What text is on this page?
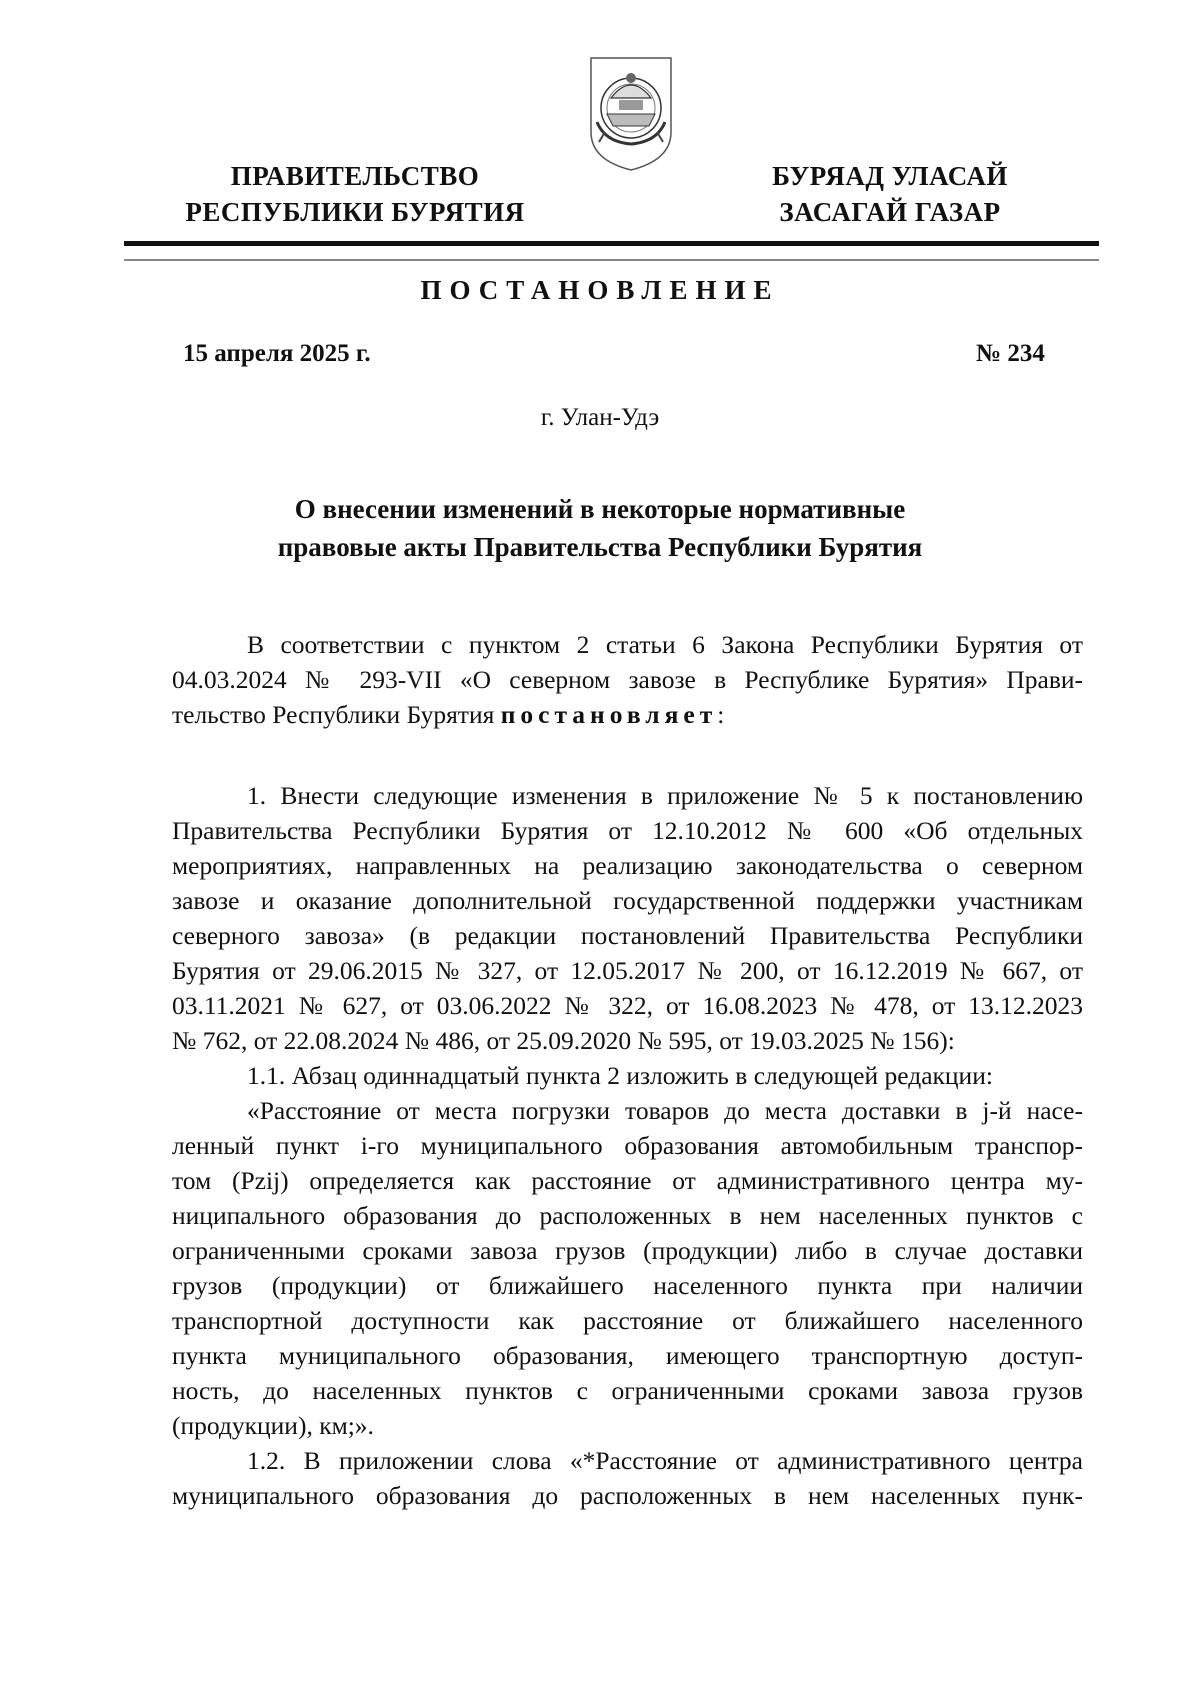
ПРАВИТЕЛЬСТВО
РЕСПУБЛИКИ БУРЯТИЯ
БУРЯАД УЛАСАЙ
ЗАСАГАЙ ГАЗАР
ПОСТАНОВЛЕНИЕ
15 апреля 2025 г.	№ 234
г. Улан-Удэ
О внесении изменений в некоторые нормативные
правовые акты Правительства Республики Бурятия
В соответствии с пунктом 2 статьи 6 Закона Республики Бурятия от
04.03.2024 № 293-VII «О северном завозе в Республике Бурятия» Прави-
тельство Республики Бурятия постановляет:
1. Внести следующие изменения в приложение № 5 к постановлению
Правительства Республики Бурятия от 12.10.2012 № 600 «Об отдельных
мероприятиях, направленных на реализацию законодательства о северном
завозе и оказание дополнительной государственной поддержки участникам
северного завоза» (в редакции постановлений Правительства Республики
Бурятия от 29.06.2015 № 327, от 12.05.2017 № 200, от 16.12.2019 № 667, от
03.11.2021 № 627, от 03.06.2022 № 322, от 16.08.2023 № 478, от 13.12.2023
№ 762, от 22.08.2024 № 486, от 25.09.2020 № 595, от 19.03.2025 № 156):
1.1. Абзац одиннадцатый пункта 2 изложить в следующей редакции:
«Расстояние от места погрузки товаров до места доставки в j-й насе-
ленный пункт i-го муниципального образования автомобильным транспор-
том (Pzij) определяется как расстояние от административного центра му-
ниципального образования до расположенных в нем населенных пунктов с
ограниченными сроками завоза грузов (продукции) либо в случае доставки
грузов (продукции) от ближайшего населенного пункта при наличии
транспортной доступности как расстояние от ближайшего населенного
пункта муниципального образования, имеющего транспортную доступ-
ность, до населенных пунктов с ограниченными сроками завоза грузов
(продукции), км;».
1.2. В приложении слова «*Расстояние от административного центра
муниципального образования до расположенных в нем населенных пунк-
